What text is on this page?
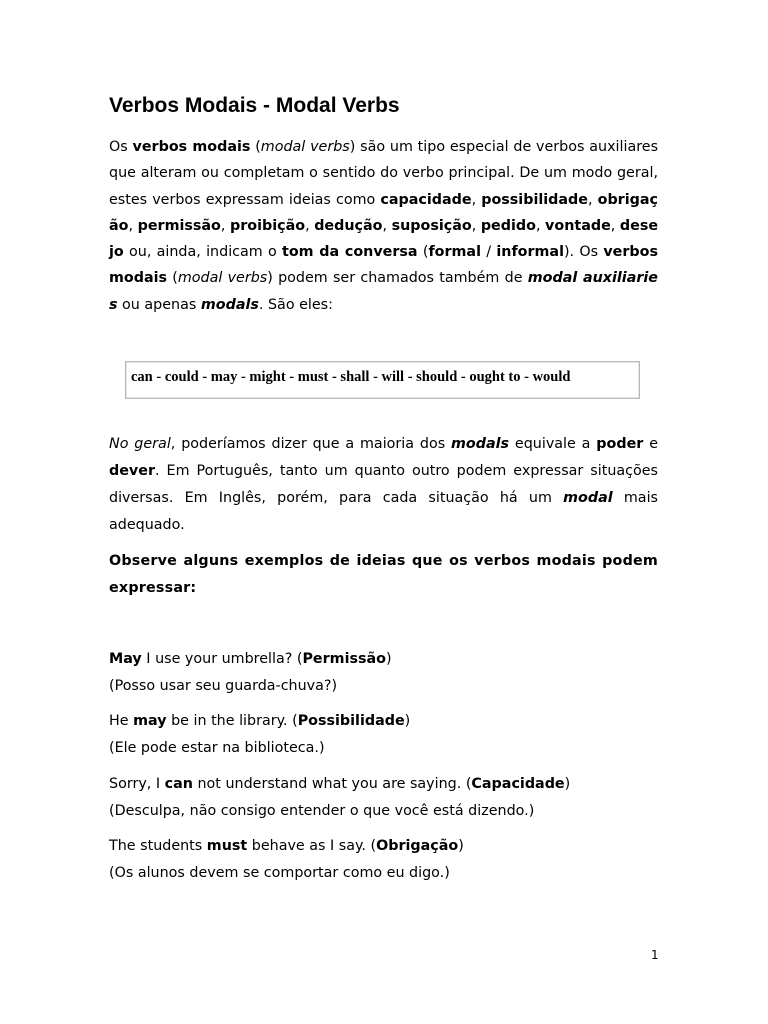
Verbos Modais - Modal Verbs

Os verbos modais (modal verbs) são um tipo especial de verbos auxiliares que alteram ou completam o sentido do verbo principal. De um modo geral, estes verbos expressam ideias como capacidade, possibilidade, obrigação, permissão, proibição, dedução, suposição, pedido, vontade, desejo ou, ainda, indicam o tom da conversa (formal / informal). Os verbos modais (modal verbs) podem ser chamados também de modal auxiliaries ou apenas modals. São eles:

can - could - may - might - must - shall - will - should - ought to - would

No geral, poderíamos dizer que a maioria dos modals equivale a poder e dever. Em Português, tanto um quanto outro podem expressar situações diversas. Em Inglês, porém, para cada situação há um modal mais adequado.

Observe alguns exemplos de ideias que os verbos modais podem expressar:

May I use your umbrella? (Permissão)
(Posso usar seu guarda-chuva?)
He may be in the library. (Possibilidade)
(Ele pode estar na biblioteca.)
Sorry, I can not understand what you are saying. (Capacidade)
(Desculpa, não consigo entender o que você está dizendo.)
The students must behave as I say. (Obrigação)
(Os alunos devem se comportar como eu digo.)
1
